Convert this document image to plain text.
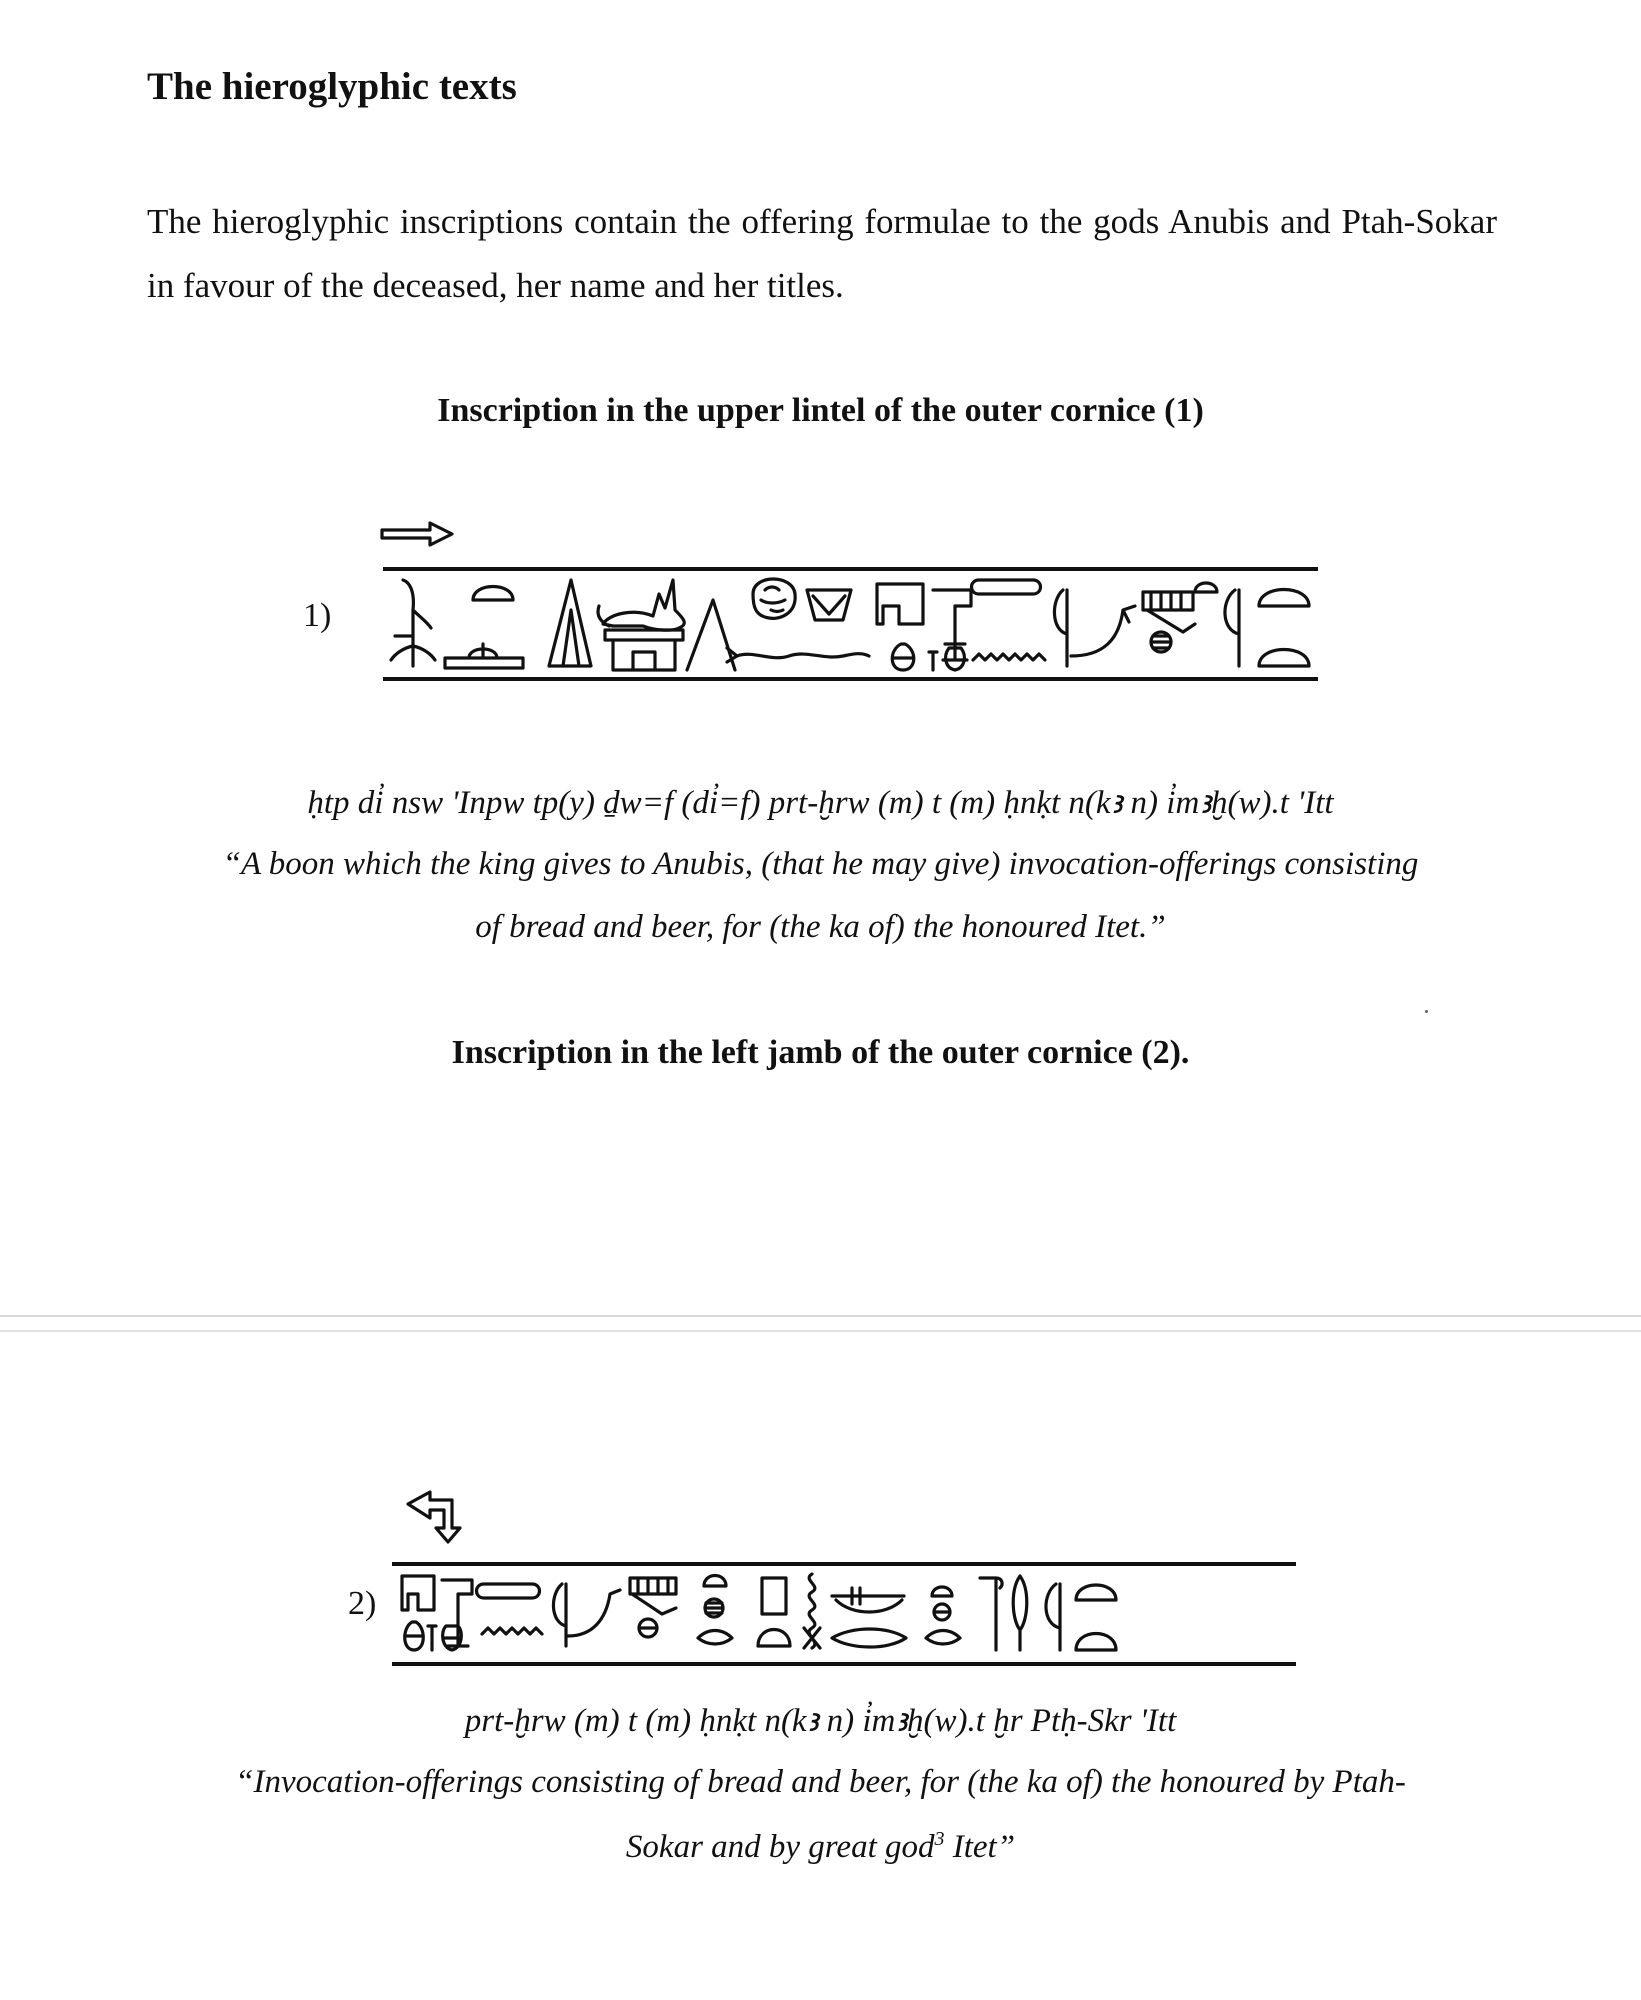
The hieroglyphic texts

The hieroglyphic inscriptions contain the offering formulae to the gods Anubis and Ptah-Sokar in favour of the deceased, her name and her titles.

Inscription in the upper lintel of the outer cornice (1)
1)

ḥtp di̓ nsw 'Inpw tp(y) ḏw=f (di̓=f) prt-ḫrw (m) t (m) ḥnḳt n(kꜣ n) i̓mꜣḫ(w).t 'Itt

“A boon which the king gives to Anubis, (that he may give) invocation-offerings consisting

of bread and beer, for (the ka of) the honoured Itet.”

Inscription in the left jamb of the outer cornice (2).
2)

prt-ḫrw (m) t (m) ḥnḳt n(kꜣ n) i̓mꜣḫ(w).t ḫr Ptḥ-Skr 'Itt

“Invocation-offerings consisting of bread and beer, for (the ka of) the honoured by Ptah-

Sokar and by great god$^3$ Itet”
